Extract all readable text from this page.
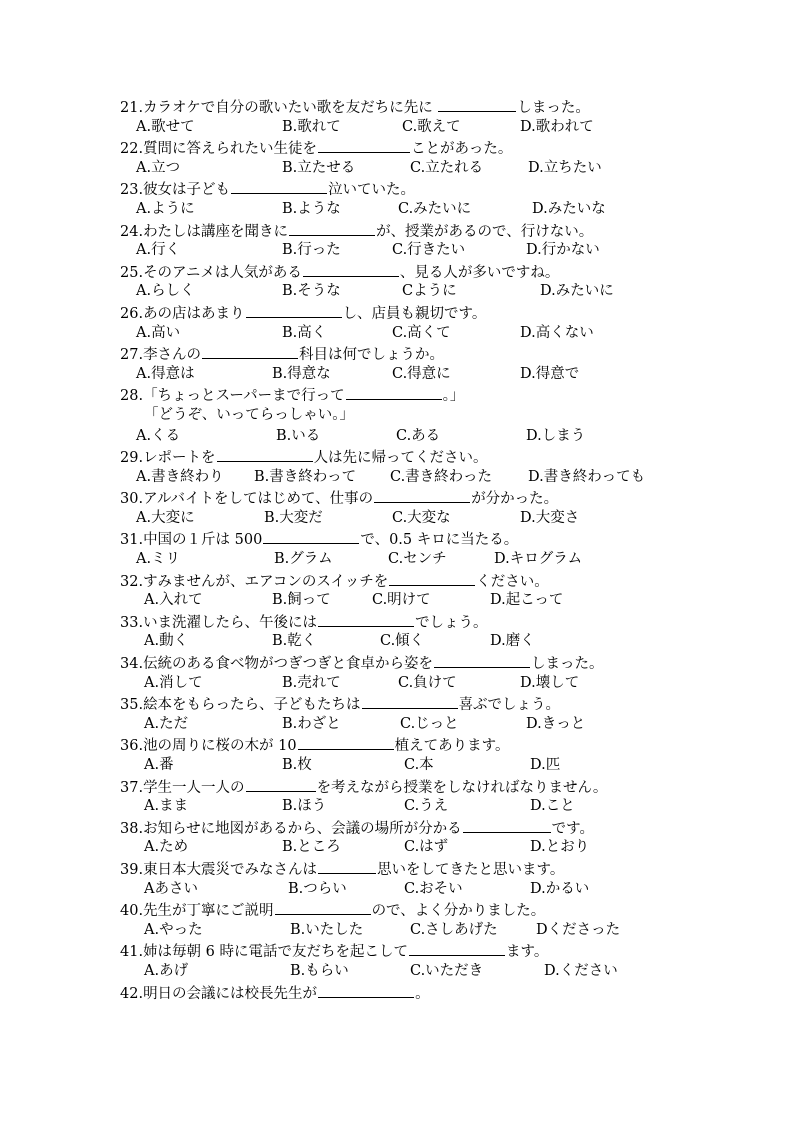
21.カラオケで自分の歌いたい歌を友だちに先に	しまった。
A.歌せて	B.歌れて	C.歌えて	D.歌われて
22.質問に答えられたい生徒を	ことがあった。
A.立つ	B.立たせる	C.立たれる	D.立ちたい
23.彼女は子ども	泣いていた。
A.ように	B.ような	C.みたいに	D.みたいな
24.わたしは講座を聞きに	が、授業があるので、行けない。
A.行く	B.行った	C.行きたい	D.行かない
25.そのアニメは人気がある	、見る人が多いですね。
A.らしく	B.そうな	Cように	D.みたいに
26.あの店はあまり	し、店員も親切です。
A.高い	B.高く	C.高くて	D.高くない
27.李さんの	科目は何でしょうか。
A.得意は	B.得意な	C.得意に	D.得意で
28.「ちょっとスーパーまで行って	。」
「どうぞ、いってらっしゃい。」
A.くる	B.いる	C.ある	D.しまう
29.レポートを	人は先に帰ってください。
A.書き終わり B.書き終わって C.書き終わった D.書き終わっても
30.アルバイトをしてはじめて、仕事の	が分かった。
A.大変に	B.大変だ	C.大変な	D.大変さ
31.中国の１斤は 500	で、0.5 キロに当たる。
A.ミリ	B.グラム	C.センチ	D.キログラム
32.すみませんが、エアコンのスイッチを	ください。
A.入れて	B.飼って	C.明けて	D.起こって
33.いま洗濯したら、午後には	でしょう。
A.動く	B.乾く	C.傾く	D.磨く
34.伝統のある食べ物がつぎつぎと食卓から姿を	しまった。
A.消して	B.売れて	C.負けて	D.壊して
35.絵本をもらったら、子どもたちは	喜ぶでしょう。
A.ただ	B.わざと	C.じっと	D.きっと
36.池の周りに桜の木が 10	植えてあります。
A.番	B.枚	C.本	D.匹
37.学生一人一人の	を考えながら授業をしなければなりません。
A.まま	B.ほう	C.うえ	D.こと
38.お知らせに地図があるから、会議の場所が分かる	です。
A.ため	B.ところ	C.はず	D.とおり
39.東日本大震災でみなさんは	思いをしてきたと思います。
Aあさい	B.つらい	C.おそい	D.かるい
40.先生が丁寧にご説明	ので、よく分かりました。
A.やった	B.いたした	C.さしあげた	Dくださった
41.姉は毎朝 6 時に電話で友だちを起こして	ます。
A.あげ	B.もらい	C.いただき	D.ください
42.明日の会議には校長先生が	。
